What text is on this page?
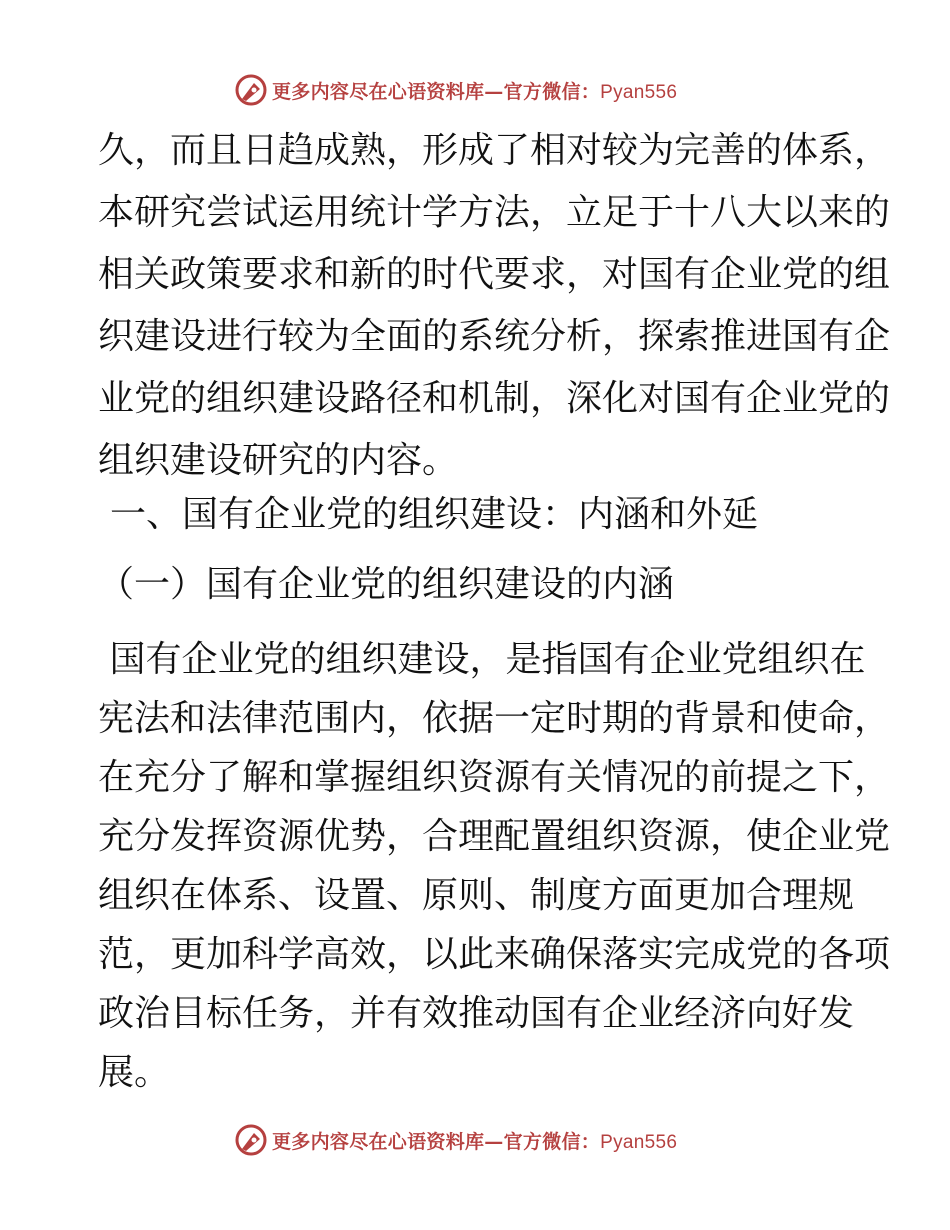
更多内容尽在心语资料库—官方微信：Pyan556
久，而且日趋成熟，形成了相对较为完善的体系，
本研究尝试运用统计学方法，立足于十八大以来的
相关政策要求和新的时代要求，对国有企业党的组
织建设进行较为全面的系统分析，探索推进国有企
业党的组织建设路径和机制，深化对国有企业党的
组织建设研究的内容。
一、国有企业党的组织建设：内涵和外延
（一）国有企业党的组织建设的内涵
国有企业党的组织建设，是指国有企业党组织在
宪法和法律范围内，依据一定时期的背景和使命，
在充分了解和掌握组织资源有关情况的前提之下，
充分发挥资源优势，合理配置组织资源，使企业党
组织在体系、设置、原则、制度方面更加合理规
范，更加科学高效，以此来确保落实完成党的各项
政治目标任务，并有效推动国有企业经济向好发
展。
更多内容尽在心语资料库—官方微信：Pyan556
